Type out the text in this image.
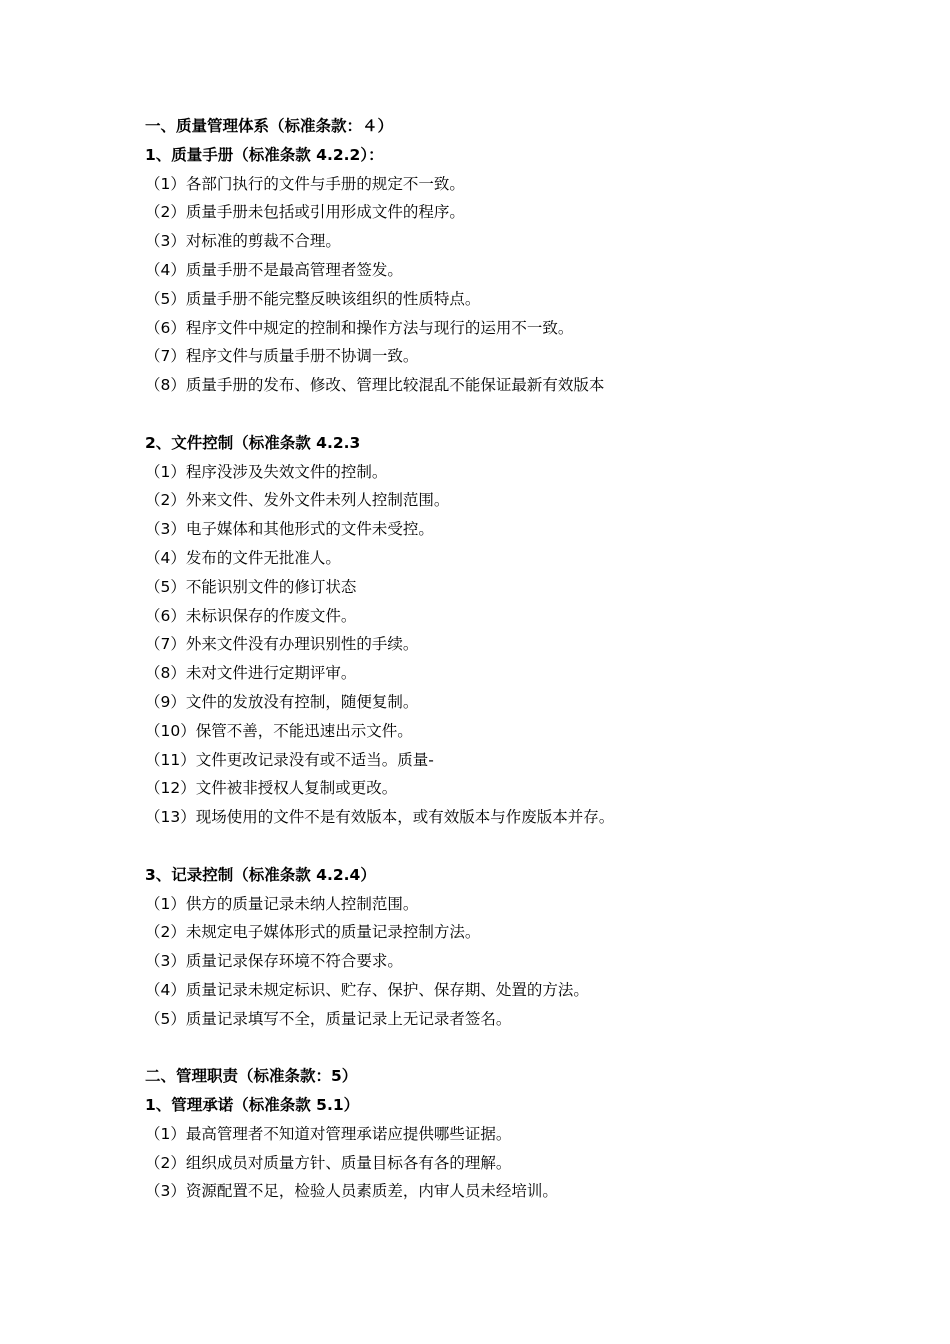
一、质量管理体系（标准条款：４）
1、质量手册（标准条款 4.2.2）：
（1）各部门执行的文件与手册的规定不一致。
（2）质量手册未包括或引用形成文件的程序。
（3）对标准的剪裁不合理。
（4）质量手册不是最高管理者签发。
（5）质量手册不能完整反映该组织的性质特点。
（6）程序文件中规定的控制和操作方法与现行的运用不一致。
（7）程序文件与质量手册不协调一致。
（8）质量手册的发布、修改、管理比较混乱不能保证最新有效版本
2、文件控制（标准条款 4.2.3
（1）程序没涉及失效文件的控制。
（2）外来文件、发外文件未列人控制范围。
（3）电子媒体和其他形式的文件未受控。
（4）发布的文件无批准人。
（5）不能识别文件的修订状态
（6）未标识保存的作废文件。
（7）外来文件没有办理识别性的手续。
（8）未对文件进行定期评审。
（9）文件的发放没有控制，随便复制。
（10）保管不善，不能迅速出示文件。
（11）文件更改记录没有或不适当。质量-
（12）文件被非授权人复制或更改。
（13）现场使用的文件不是有效版本，或有效版本与作废版本并存。
3、记录控制（标准条款 4.2.4）
（1）供方的质量记录未纳人控制范围。
（2）未规定电子媒体形式的质量记录控制方法。
（3）质量记录保存环境不符合要求。
（4）质量记录未规定标识、贮存、保护、保存期、处置的方法。
（5）质量记录填写不全，质量记录上无记录者签名。
二、管理职责（标准条款：5）
1、管理承诺（标准条款 5.1）
（1）最高管理者不知道对管理承诺应提供哪些证据。
（2）组织成员对质量方针、质量目标各有各的理解。
（3）资源配置不足，检验人员素质差，内审人员未经培训。
